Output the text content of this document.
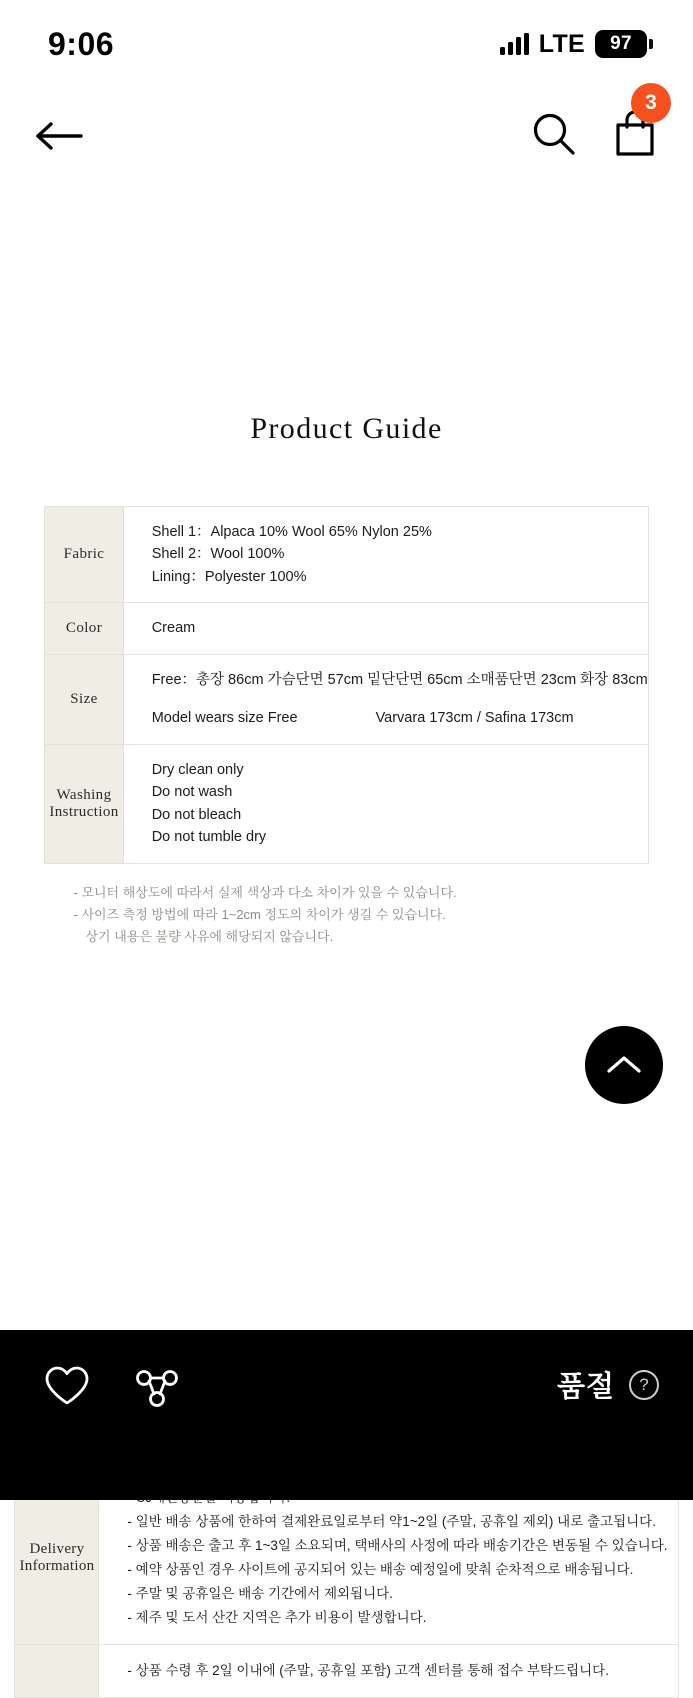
9:06	LTE 97
3
Product Guide
Fabric	Shell 1：Alpaca 10% Wool 65% Nylon 25%
Shell 2：Wool 100%
Lining：Polyester 100%

Color	Cream

Size	Free：총장 86cm 가슴단면 57cm 밑단단면 65cm 소매품단면 23cm 화장 83cm
Model wears size Free Varvara 173cm / Safina 173cm

Washing Instruction	Dry clean only
Do not wash
Do not bleach
Do not tumble dry
- 모니터 해상도에 따라서 실제 색상과 다소 차이가 있을 수 있습니다.
- 사이즈 측정 방법에 따라 1~2cm 정도의 차이가 생길 수 있습니다.
상기 내용은 불량 사유에 해당되지 않습니다.
Delivery Information	
- 일반 배송 상품에 한하여 결제완료일로부터 약1~2일 (주말, 공휴일 제외) 내로 출고됩니다.
- 상품 배송은 출고 후 1~3일 소요되며, 택배사의 사정에 따라 배송기간은 변동될 수 있습니다.
- 예약 상품인 경우 사이트에 공지되어 있는 배송 예정일에 맞춰 순차적으로 배송됩니다.
- 주말 및 공휴일은 배송 기간에서 제외됩니다.
- 제주 및 도서 산간 지역은 추가 비용이 발생합니다.

	- 상품 수령 후 2일 이내에 (주말, 공휴일 포함) 고객 센터를 통해 접수 부탁드립니다.
품절	?
